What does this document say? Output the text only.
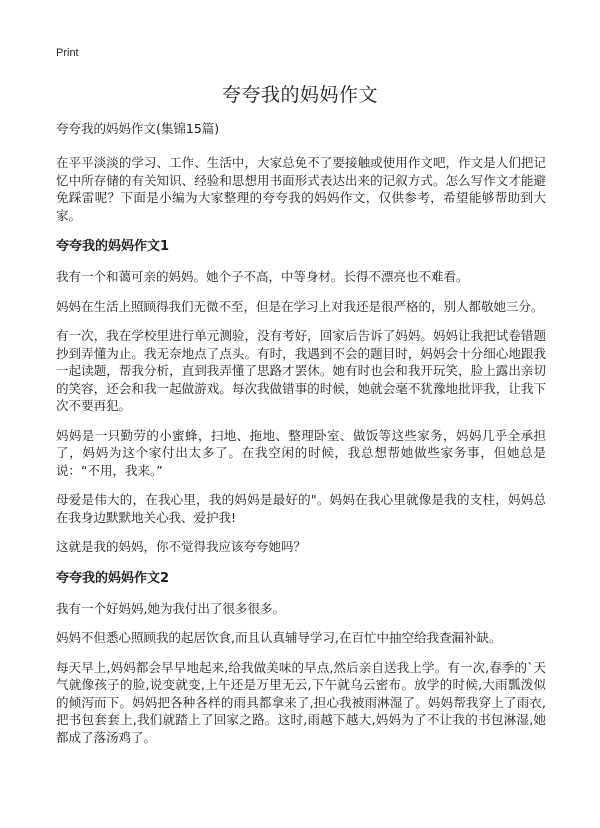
Print
夸夸我的妈妈作文

夸夸我的妈妈作文(集锦15篇)

在平平淡淡的学习、工作、生活中，大家总免不了要接触或使用作文吧，作文是人们把记忆中所存储的有关知识、经验和思想用书面形式表达出来的记叙方式。怎么写作文才能避免踩雷呢？下面是小编为大家整理的夸夸我的妈妈作文，仅供参考，希望能够帮助到大家。

夸夸我的妈妈作文1

我有一个和蔼可亲的妈妈。她个子不高，中等身材。长得不漂亮也不难看。

妈妈在生活上照顾得我们无微不至，但是在学习上对我还是很严格的，别人都敬她三分。

有一次，我在学校里进行单元测验，没有考好，回家后告诉了妈妈。妈妈让我把试卷错题抄到弄懂为止。我无奈地点了点头。有时，我遇到不会的题目时，妈妈会十分细心地跟我一起读题，帮我分析，直到我弄懂了思路才罢休。她有时也会和我开玩笑，脸上露出亲切的笑容，还会和我一起做游戏。每次我做错事的时候，她就会毫不犹豫地批评我，让我下次不要再犯。

妈妈是一只勤劳的小蜜蜂，扫地、拖地、整理卧室、做饭等这些家务，妈妈几乎全承担了，妈妈为这个家付出太多了。在我空闲的时候，我总想帮她做些家务事，但她总是说：“不用，我来。”

母爱是伟大的，在我心里，我的妈妈是最好的"。妈妈在我心里就像是我的支柱，妈妈总在我身边默默地关心我、爱护我!

这就是我的妈妈，你不觉得我应该夸夸她吗？

夸夸我的妈妈作文2

我有一个好妈妈,她为我付出了很多很多。

妈妈不但悉心照顾我的起居饮食,而且认真辅导学习,在百忙中抽空给我查漏补缺。

每天早上,妈妈都会早早地起来,给我做美味的早点,然后亲自送我上学。有一次,春季的`天气就像孩子的脸,说变就变,上午还是万里无云,下午就乌云密布。放学的时候,大雨瓢泼似的倾泻而下。妈妈把各种各样的雨具都拿来了,担心我被雨淋湿了。妈妈帮我穿上了雨衣,把书包套套上,我们就踏上了回家之路。这时,雨越下越大,妈妈为了不让我的书包淋湿,她都成了落汤鸡了。
